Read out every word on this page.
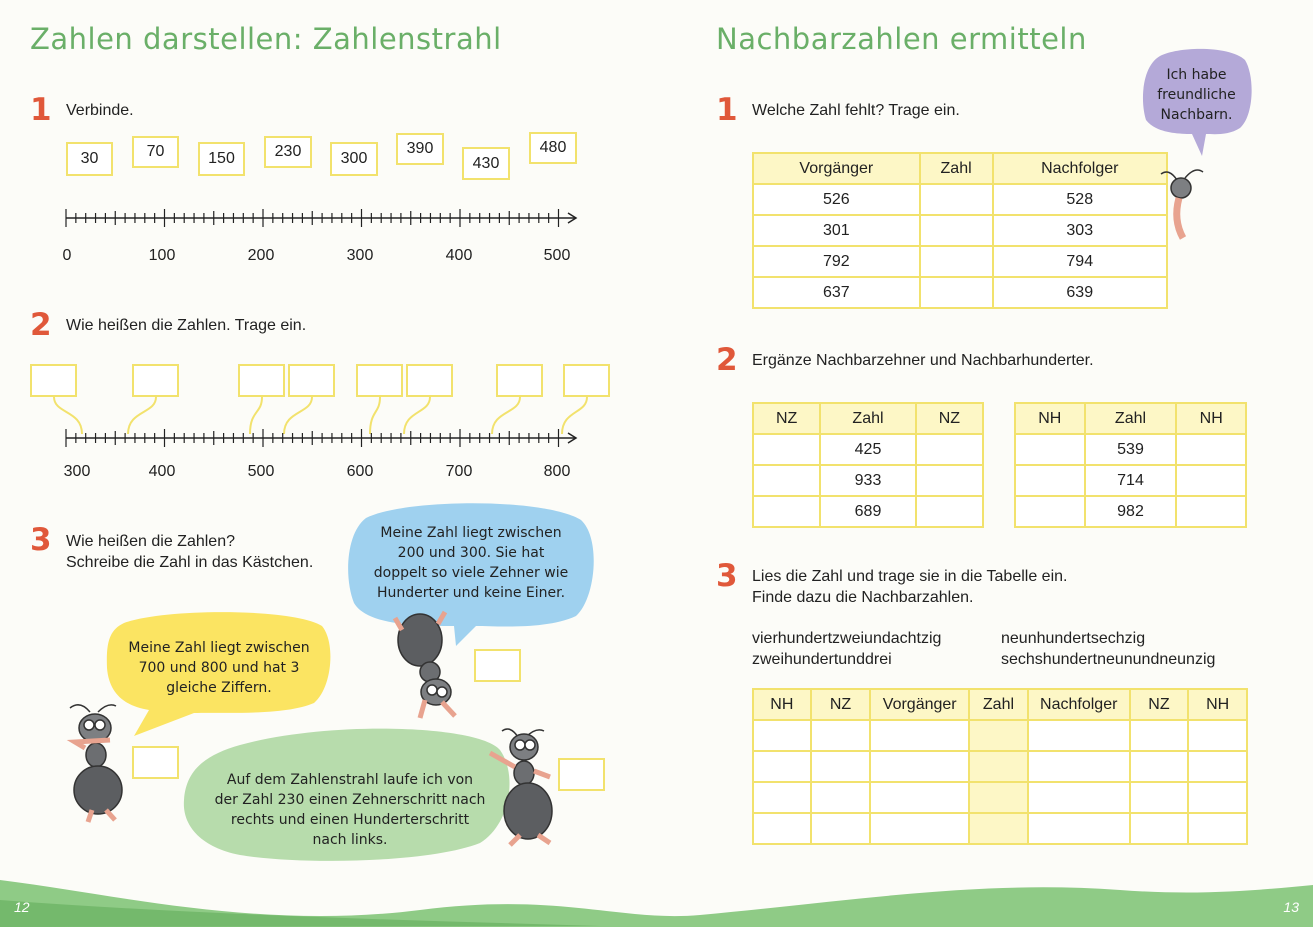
12	13
Zahlen darstellen: Zahlenstrahl
1 Verbinde.
30	70	150	230	300
390
430
480
0	100	200	300	400	500
2 Wie heißen die Zahlen. Trage ein.
300	400	500	600	700	800
3 Wie heißen die Zahlen?
Schreibe die Zahl in das Kästchen.
Meine Zahl liegt zwischen
200 und 300. Sie hat
doppelt so viele Zehner wie
Hunderter und keine Einer.
Meine Zahl liegt zwischen
700 und 800 und hat 3
gleiche Ziffern.
Auf dem Zahlenstrahl laufe ich von
der Zahl 230 einen Zehnerschritt nach
rechts und einen Hunderterschritt
nach links.
Nachbarzahlen ermitteln
Ich habe
freundliche
Nachbarn.
1 Welche Zahl fehlt? Trage ein.
Vorgänger	Zahl	Nachfolger
526		528
301		303
792		794
637		639
2 Ergänze Nachbarzehner und Nachbarhunderter.
NZ	Zahl	NZ
	425	
	933	
	689	
NH	Zahl	NH
	539	
	714	
	982	
3 Lies die Zahl und trage sie in die Tabelle ein.
Finde dazu die Nachbarzahlen.
vierhundertzweiundachtzig
zweihundertunddrei
neunhundertsechzig
sechshundertneunundneunzig
NH	NZ	Vorgänger	Zahl	Nachfolger	NZ	NH
